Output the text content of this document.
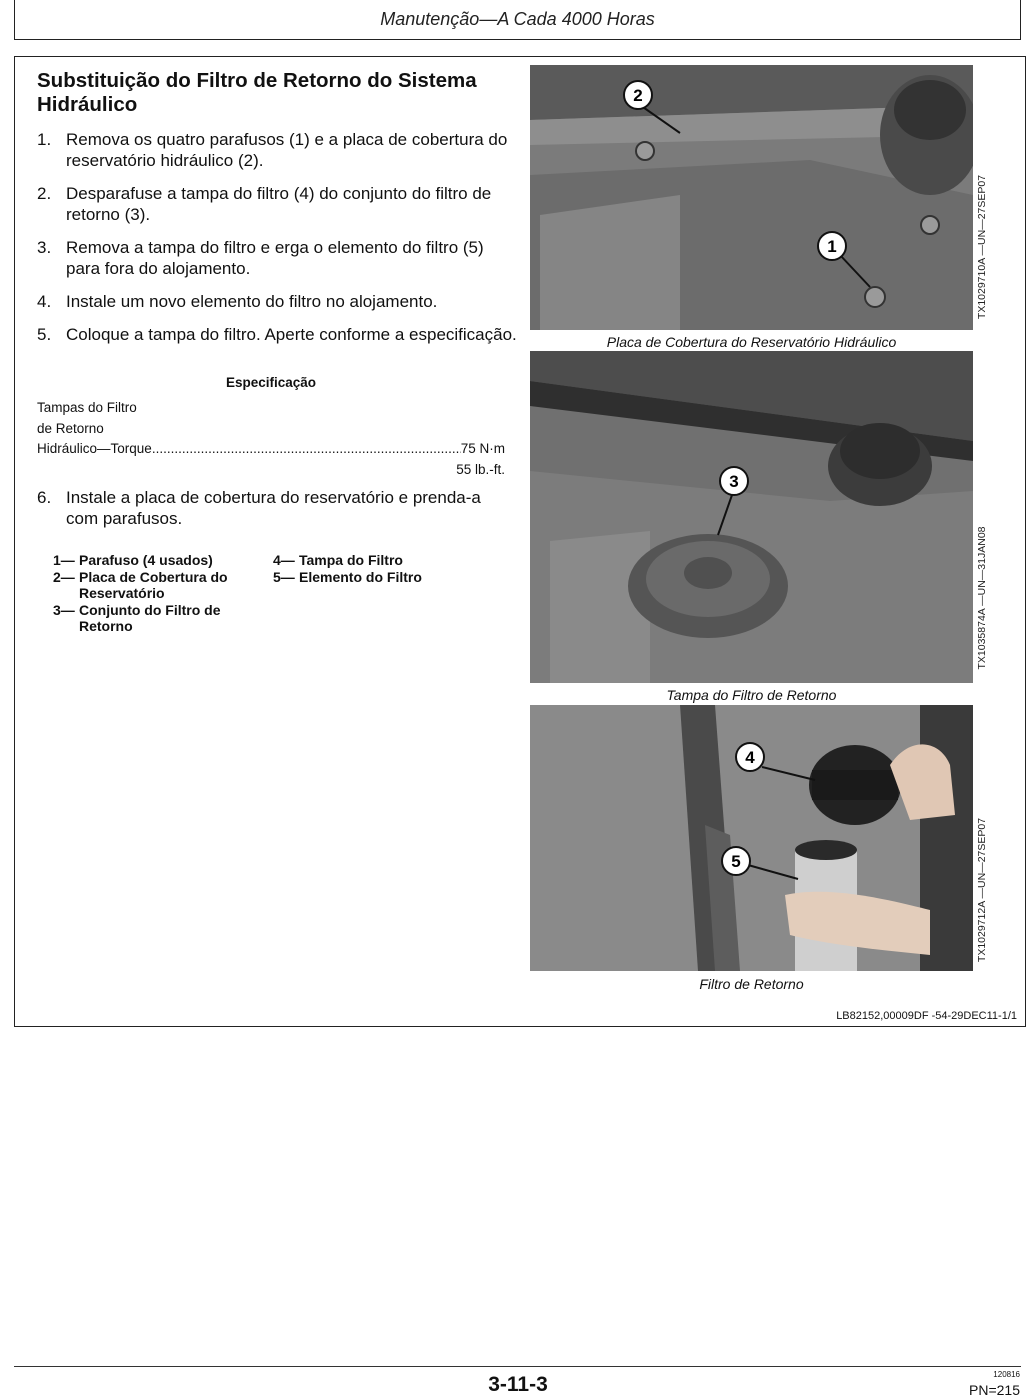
Manutenção—A Cada 4000 Horas
Substituição do Filtro de Retorno do Sistema Hidráulico
1. Remova os quatro parafusos (1) e a placa de cobertura do reservatório hidráulico (2).
2. Desparafuse a tampa do filtro (4) do conjunto do filtro de retorno (3).
3. Remova a tampa do filtro e erga o elemento do filtro (5) para fora do alojamento.
4. Instale um novo elemento do filtro no alojamento.
5. Coloque a tampa do filtro. Aperte conforme a especificação.
Especificação
Tampas do Filtro
de Retorno
Hidráulico—Torque
.....	75 N·m
55 lb.-ft.
6. Instale a placa de cobertura do reservatório e prenda-a com parafusos.
1— Parafuso (4 usados)
2— Placa de Cobertura do Reservatório
3— Conjunto do Filtro de Retorno
4— Tampa do Filtro
5— Elemento do Filtro
2
1
Placa de Cobertura do Reservatório Hidráulico
TX1029710A —UN—27SEP07
3
Tampa do Filtro de Retorno
TX1035874A —UN—31JAN08
4
5
Filtro de Retorno
TX1029712A —UN—27SEP07
LB82152,00009DF -54-29DEC11-1/1
3-11-3	120816
PN=215
